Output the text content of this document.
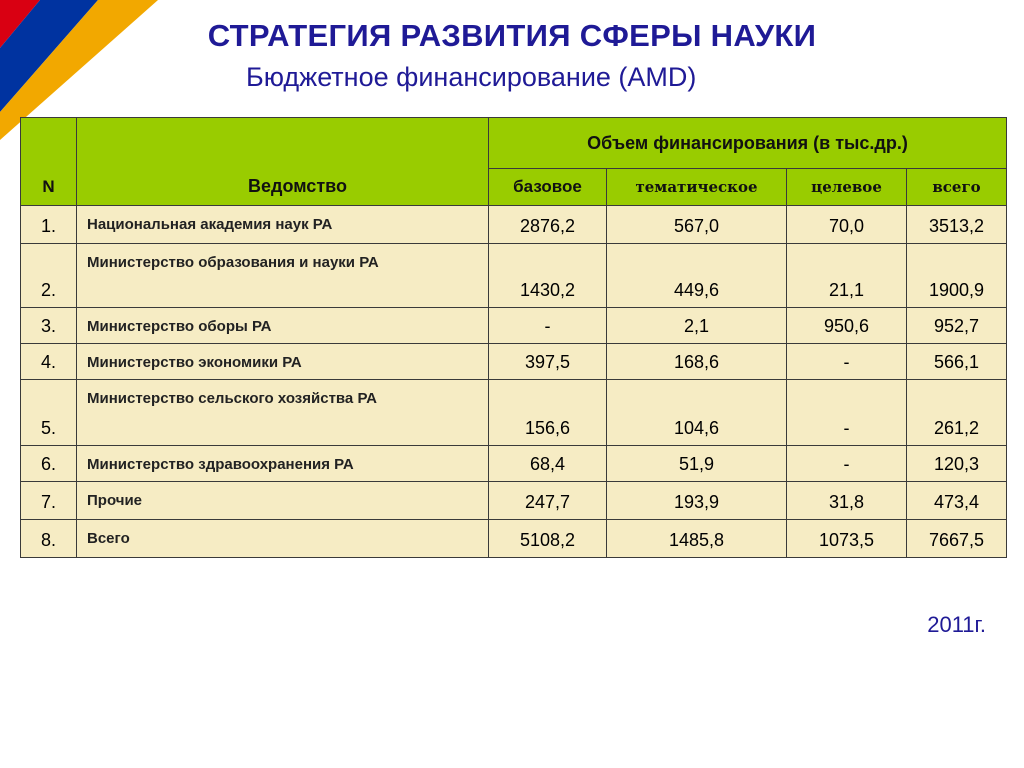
СТРАТЕГИЯ РАЗВИТИЯ СФЕРЫ НАУКИ
Бюджетное финансирование (AMD)
N	Ведомство	Объем финансирования (в тыс.др.)			
		базовое	тематическое	целевое	всего
1.	Национальная академия наук РА	2876,2	567,0	70,0	3513,2
2.	Министерство образования и науки РА	1430,2	449,6	21,1	1900,9
3.	Министерство оборы РА	-	2,1	950,6	952,7
4.	Министерство экономики РА	397,5	168,6	-	566,1
5.	Министерство сельского хозяйства РА	156,6	104,6	-	261,2
6.	Министерство здравоохранения РА	68,4	51,9	-	120,3
7.	Прочие	247,7	193,9	31,8	473,4
8.	Всего	5108,2	1485,8	1073,5	7667,5

2011г.
